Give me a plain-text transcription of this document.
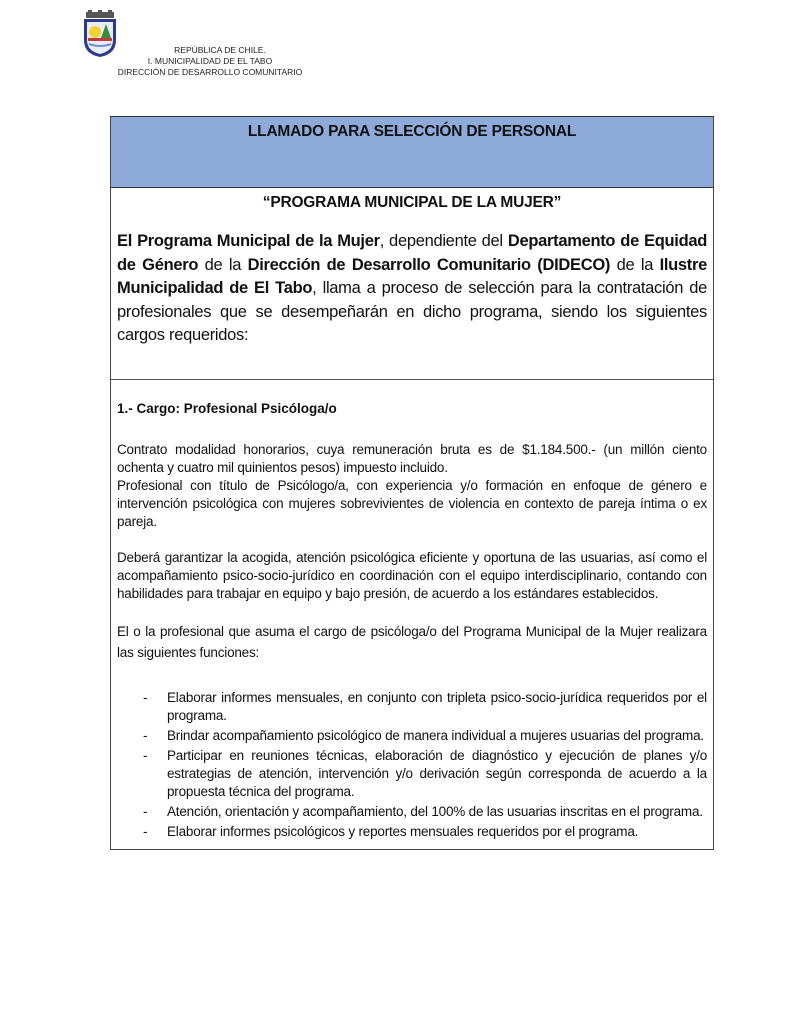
REPÚBLICA DE CHILE.
I. MUNICIPALIDAD DE EL TABO
DIRECCIÓN DE DESARROLLO COMUNITARIO
LLAMADO PARA SELECCIÓN DE PERSONAL
“PROGRAMA MUNICIPAL DE LA MUJER”
El Programa Municipal de la Mujer, dependiente del Departamento de Equidad de Género de la Dirección de Desarrollo Comunitario (DIDECO) de la Ilustre Municipalidad de El Tabo, llama a proceso de selección para la contratación de profesionales que se desempeñarán en dicho programa, siendo los siguientes cargos requeridos:
1.- Cargo: Profesional Psicóloga/o

Contrato modalidad honorarios, cuya remuneración bruta es de $1.184.500.- (un millón ciento ochenta y cuatro mil quinientos pesos) impuesto incluido.

Profesional con título de Psicólogo/a, con experiencia y/o formación en enfoque de género e intervención psicológica con mujeres sobrevivientes de violencia en contexto de pareja íntima o ex pareja.

Deberá garantizar la acogida, atención psicológica eficiente y oportuna de las usuarias, así como el acompañamiento psico-socio-jurídico en coordinación con el equipo interdisciplinario, contando con habilidades para trabajar en equipo y bajo presión, de acuerdo a los estándares establecidos.

El o la profesional que asuma el cargo de psicóloga/o del Programa Municipal de la Mujer realizara las siguientes funciones:

- Elaborar informes mensuales, en conjunto con tripleta psico-socio-jurídica requeridos por el programa.
- Brindar acompañamiento psicológico de manera individual a mujeres usuarias del programa.
- Participar en reuniones técnicas, elaboración de diagnóstico y ejecución de planes y/o estrategias de atención, intervención y/o derivación según corresponda de acuerdo a la propuesta técnica del programa.
- Atención, orientación y acompañamiento, del 100% de las usuarias inscritas en el programa.
- Elaborar informes psicológicos y reportes mensuales requeridos por el programa.
